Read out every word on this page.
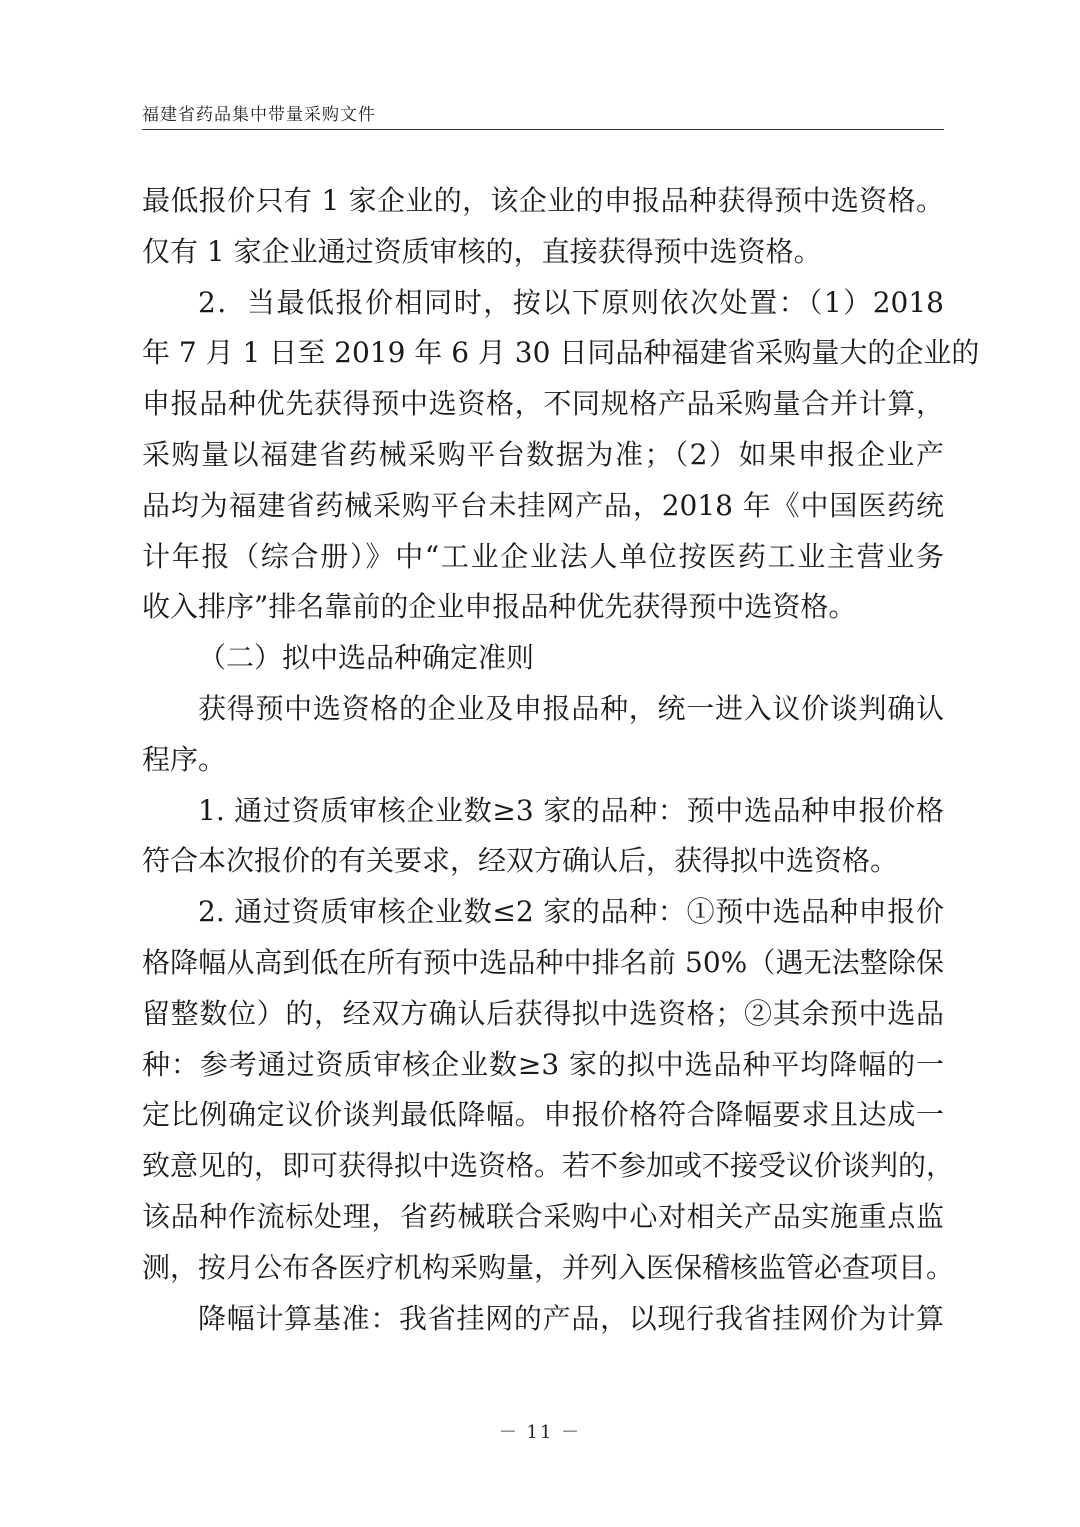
福建省药品集中带量采购文件
最低报价只有 1 家企业的，该企业的申报品种获得预中选资格。
仅有 1 家企业通过资质审核的，直接获得预中选资格。
2．当最低报价相同时，按以下原则依次处置：（1）2018
年 7 月 1 日至 2019 年 6 月 30 日同品种福建省采购量大的企业的
申报品种优先获得预中选资格，不同规格产品采购量合并计算，
采购量以福建省药械采购平台数据为准；（2）如果申报企业产
品均为福建省药械采购平台未挂网产品，2018 年《中国医药统
计年报（综合册）》中“工业企业法人单位按医药工业主营业务
收入排序”排名靠前的企业申报品种优先获得预中选资格。
（二）拟中选品种确定准则
获得预中选资格的企业及申报品种，统一进入议价谈判确认
程序。
1. 通过资质审核企业数≥3 家的品种：预中选品种申报价格
符合本次报价的有关要求，经双方确认后，获得拟中选资格。
2. 通过资质审核企业数≤2 家的品种：①预中选品种申报价
格降幅从高到低在所有预中选品种中排名前 50%（遇无法整除保
留整数位）的，经双方确认后获得拟中选资格；②其余预中选品
种：参考通过资质审核企业数≥3 家的拟中选品种平均降幅的一
定比例确定议价谈判最低降幅。申报价格符合降幅要求且达成一
致意见的，即可获得拟中选资格。若不参加或不接受议价谈判的，
该品种作流标处理，省药械联合采购中心对相关产品实施重点监
测，按月公布各医疗机构采购量，并列入医保稽核监管必查项目。
降幅计算基准：我省挂网的产品，以现行我省挂网价为计算
－ 11 －
